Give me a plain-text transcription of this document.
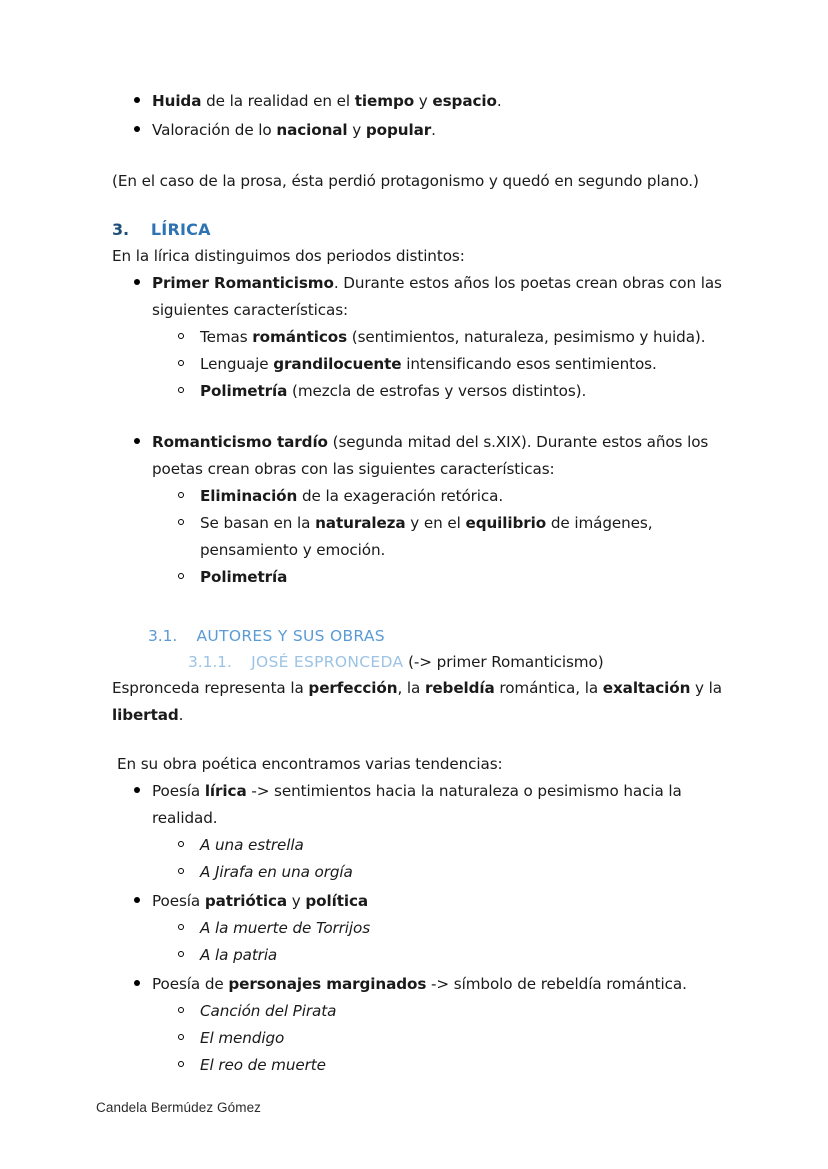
Huida de la realidad en el tiempo y espacio.
Valoración de lo nacional y popular.

(En el caso de la prosa, ésta perdió protagonismo y quedó en segundo plano.)

3. LÍRICA

En la lírica distinguimos dos periodos distintos:

Primer Romanticismo. Durante estos años los poetas crean obras con las siguientes características:
Temas románticos (sentimientos, naturaleza, pesimismo y huida).
Lenguaje grandilocuente intensificando esos sentimientos.
Polimetría (mezcla de estrofas y versos distintos).
Romanticismo tardío (segunda mitad del s.XIX). Durante estos años los poetas crean obras con las siguientes características:
Eliminación de la exageración retórica.
Se basan en la naturaleza y en el equilibrio de imágenes, pensamiento y emoción.
Polimetría
3.1. AUTORES Y SUS OBRAS
3.1.1. JOSÉ ESPRONCEDA (-> primer Romanticismo)

Espronceda representa la perfección, la rebeldía romántica, la exaltación y la libertad.

En su obra poética encontramos varias tendencias:

Poesía lírica -> sentimientos hacia la naturaleza o pesimismo hacia la realidad.
A una estrella
A Jirafa en una orgía
Poesía patriótica y política
A la muerte de Torrijos
A la patria
Poesía de personajes marginados -> símbolo de rebeldía romántica.
Canción del Pirata
El mendigo
El reo de muerte
Candela Bermúdez Gómez
